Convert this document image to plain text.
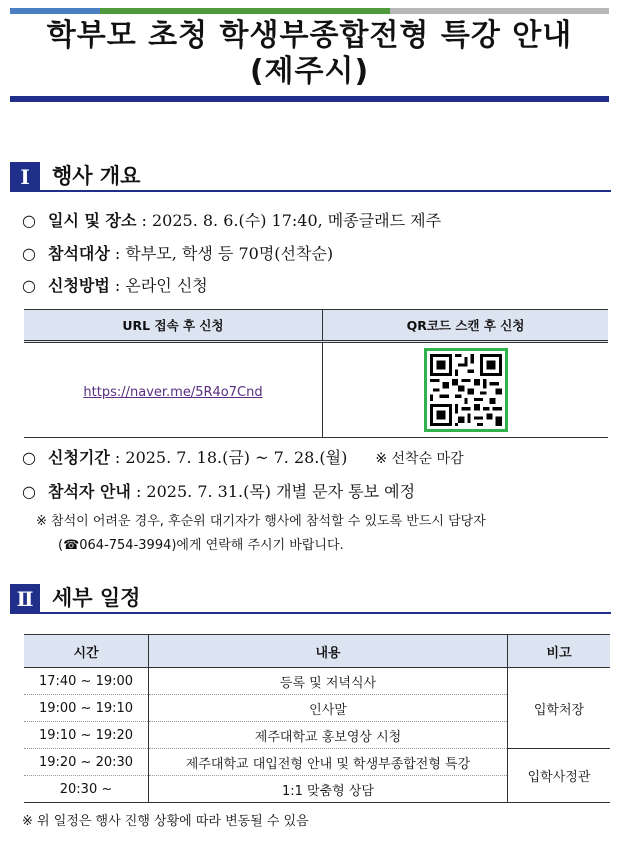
학부모 초청 학생부종합전형 특강 안내
(제주시)
Ⅰ	행사 개요
○ 일시 및 장소 : 2025. 8. 6.(수) 17:40, 메종글래드 제주
○ 참석대상 : 학부모, 학생 등 70명(선착순)
○ 신청방법 : 온라인 신청
URL 접속 후 신청	QR코드 스캔 후 신청
https://naver.me/5R4o7Cnd	
○ 신청기간 : 2025. 7. 18.(금) ~ 7. 28.(월) ※ 선착순 마감
○ 참석자 안내 : 2025. 7. 31.(목) 개별 문자 통보 예정
※ 참석이 어려운 경우, 후순위 대기자가 행사에 참석할 수 있도록 반드시 담당자
(☎064-754-3994)에게 연락해 주시기 바랍니다.
Ⅱ 세부 일정
시간	내용	비고
17:40 ~ 19:00	등록 및 저녁식사	입학처장
19:00 ~ 19:10	인사말	
19:10 ~ 19:20	제주대학교 홍보영상 시청	
19:20 ~ 20:30	제주대학교 대입전형 안내 및 학생부종합전형 특강	입학사정관
20:30 ~	1:1 맞춤형 상담	
※ 위 일정은 행사 진행 상황에 따라 변동될 수 있음
